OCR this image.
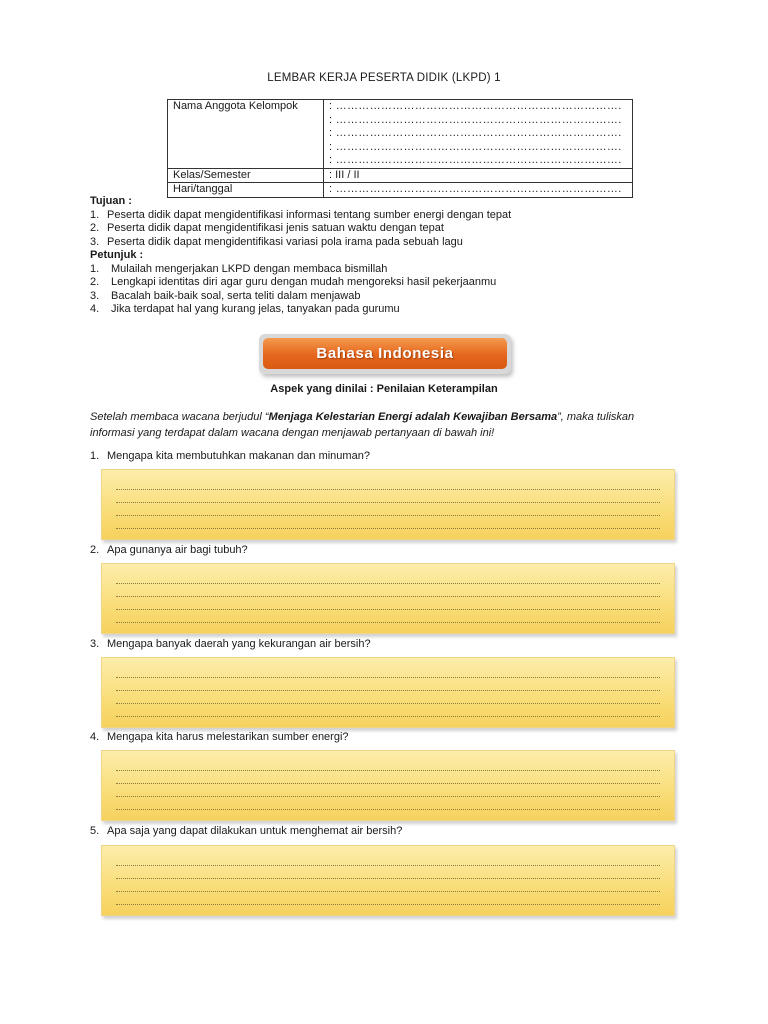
LEMBAR KERJA PESERTA DIDIK (LKPD) 1
Nama Anggota Kelompok	: ………………………………………………………………….
: ………………………………………………………………….
: ………………………………………………………………….
: ………………………………………………………………….
: ………………………………………………………………….

Kelas/Semester	: III / II
Hari/tanggal	: ………………………………………………………………….
Tujuan :
1. Peserta didik dapat mengidentifikasi informasi tentang sumber energi dengan tepat
2. Peserta didik dapat mengidentifikasi jenis satuan waktu dengan tepat
3. Peserta didik dapat mengidentifikasi variasi pola irama pada sebuah lagu
Petunjuk :
1.	Mulailah mengerjakan LKPD dengan membaca bismillah
2.	Lengkapi identitas diri agar guru dengan mudah mengoreksi hasil pekerjaanmu
3.	Bacalah baik-baik soal, serta teliti dalam menjawab
4.	Jika terdapat hal yang kurang jelas, tanyakan pada gurumu
Bahasa Indonesia
Aspek yang dinilai : Penilaian Keterampilan
Setelah membaca wacana berjudul “Menjaga Kelestarian Energi adalah Kewajiban Bersama”, maka tuliskan informasi yang terdapat dalam wacana dengan menjawab pertanyaan di bawah ini!
1. Mengapa kita membutuhkan makanan dan minuman?
2. Apa gunanya air bagi tubuh?
3. Mengapa banyak daerah yang kekurangan air bersih?
4. Mengapa kita harus melestarikan sumber energi?
5. Apa saja yang dapat dilakukan untuk menghemat air bersih?
